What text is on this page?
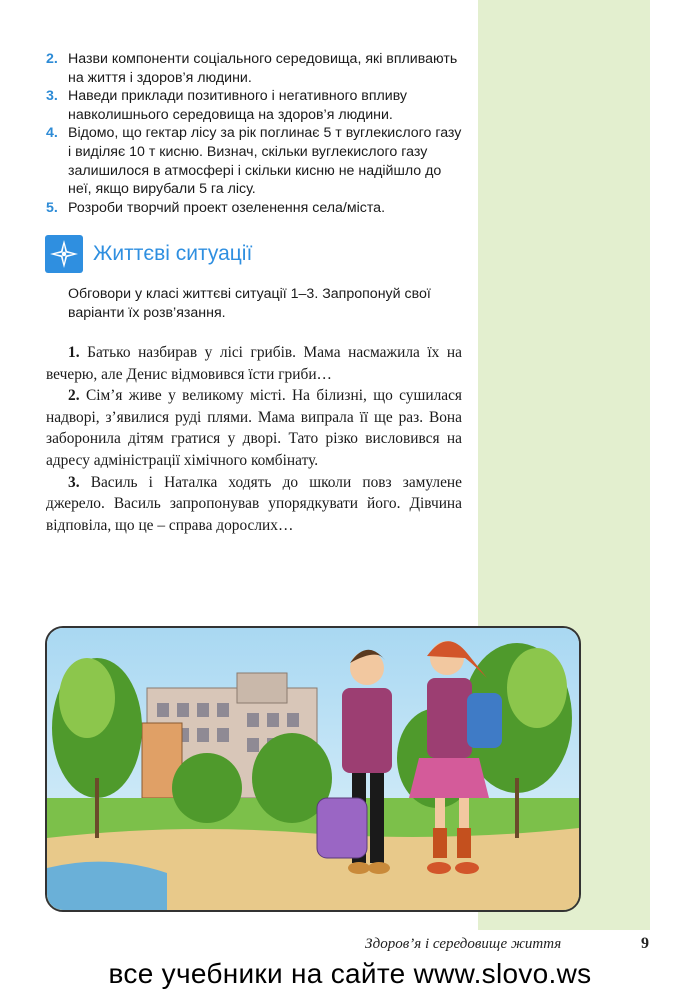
2. Назви компоненти соціального середовища, які впливають на життя і здоров’я людини.
3. Наведи приклади позитивного і негативного впливу навколишнього середовища на здоров’я людини.
4. Відомо, що гектар лісу за рік поглинає 5 т вуглекислого газу і виділяє 10 т кисню. Визнач, скільки вуглекислого газу залишилося в атмосфері і скільки кисню не надійшло до неї, якщо вирубали 5 га лісу.
5. Розроби творчий проект озеленення села/міста.
Життєві ситуації
Обговори у класі життєві ситуації 1–3. Запропонуй свої варіанти їх розв’язання.

1. Батько назбирав у лісі грибів. Мама насмажила їх на вечерю, але Денис відмовився їсти гриби…

2. Сім’я живе у великому місті. На білизні, що сушилася надворі, з’явилися руді плями. Мама випрала її ще раз. Вона заборонила дітям гратися у дворі. Тато різко висловився на адресу адміністрації хімічного комбінату.

3. Василь і Наталка ходять до школи повз замулене джерело. Василь запропонував упорядкувати його. Дівчина відповіла, що це – справа дорослих…

Здоров’я і середовище життя	9
все учебники на сайте www.slovo.ws
